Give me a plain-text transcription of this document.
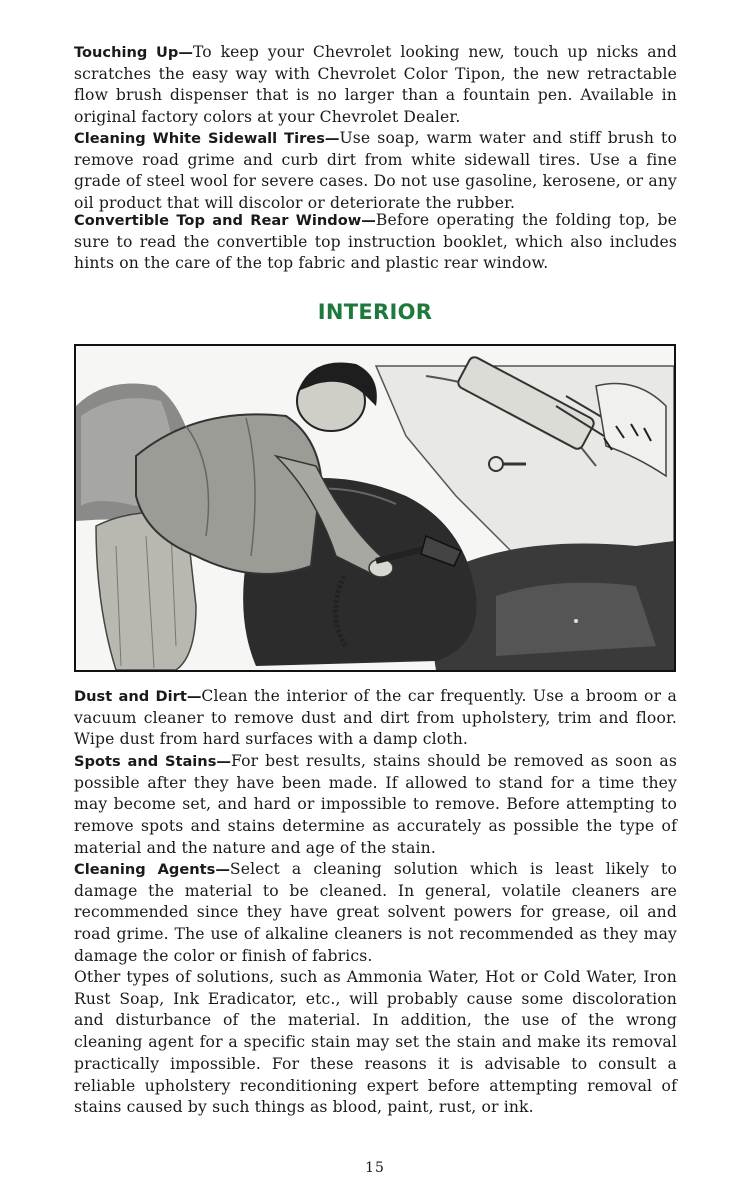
Touching Up—To keep your Chevrolet looking new, touch up nicks and scratches the easy way with Chevrolet Color Tipon, the new retractable flow brush dispenser that is no larger than a fountain pen. Available in original factory colors at your Chevrolet Dealer.

Cleaning White Sidewall Tires—Use soap, warm water and stiff brush to remove road grime and curb dirt from white sidewall tires. Use a fine grade of steel wool for severe cases. Do not use gasoline, kerosene, or any oil product that will discolor or deteriorate the rubber.

Convertible Top and Rear Window—Before operating the folding top, be sure to read the convertible top instruction booklet, which also includes hints on the care of the top fabric and plastic rear window.

INTERIOR

Dust and Dirt—Clean the interior of the car frequently. Use a broom or a vacuum cleaner to remove dust and dirt from upholstery, trim and floor. Wipe dust from hard surfaces with a damp cloth.

Spots and Stains—For best results, stains should be removed as soon as possible after they have been made. If allowed to stand for a time they may become set, and hard or impossible to remove. Before attempting to remove spots and stains determine as accurately as possible the type of material and the nature and age of the stain.

Cleaning Agents—Select a cleaning solution which is least likely to damage the material to be cleaned. In general, volatile cleaners are recommended since they have great solvent powers for grease, oil and road grime. The use of alkaline cleaners is not recommended as they may damage the color or finish of fabrics.

Other types of solutions, such as Ammonia Water, Hot or Cold Water, Iron Rust Soap, Ink Eradicator, etc., will probably cause some discoloration and disturbance of the material. In addition, the use of the wrong cleaning agent for a specific stain may set the stain and make its removal practically impossible. For these reasons it is advisable to consult a reliable upholstery reconditioning expert before attempting removal of stains caused by such things as blood, paint, rust, or ink.

15
